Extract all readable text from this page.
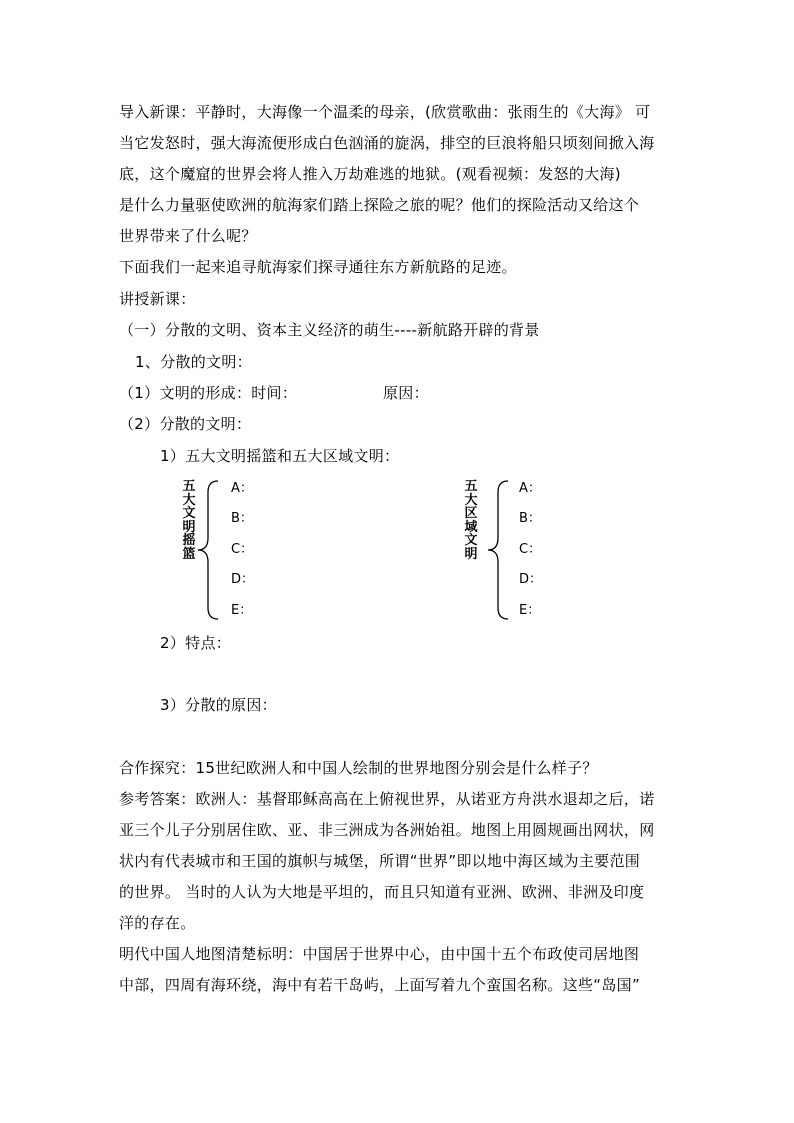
导入新课：平静时，大海像一个温柔的母亲，(欣赏歌曲：张雨生的《大海》 可
当它发怒时，强大海流便形成白色汹涌的旋涡，排空的巨浪将船只顷刻间掀入海
底，这个魔窟的世界会将人推入万劫难逃的地狱。(观看视频：发怒的大海)
是什么力量驱使欧洲的航海家们踏上探险之旅的呢？他们的探险活动又给这个
世界带来了什么呢？
下面我们一起来追寻航海家们探寻通往东方新航路的足迹。
讲授新课：
（一）分散的文明、资本主义经济的萌生----新航路开辟的背景
1、分散的文明：
（1）文明的形成：时间：	原因：
（2）分散的文明：
1）五大文明摇篮和五大区域文明：
五大文明摇篮
A：
B：
C：
D：
E：
五大区域文明
A：
B：
C：
D：
E：
2）特点：
3）分散的原因：
合作探究：15世纪欧洲人和中国人绘制的世界地图分别会是什么样子？
参考答案：欧洲人：基督耶稣高高在上俯视世界，从诺亚方舟洪水退却之后，诺
亚三个儿子分别居住欧、亚、非三洲成为各洲始祖。地图上用圆规画出网状，网
状内有代表城市和王国的旗帜与城堡，所谓“世界”即以地中海区域为主要范围
的世界。 当时的人认为大地是平坦的，而且只知道有亚洲、欧洲、非洲及印度
洋的存在。
明代中国人地图清楚标明：中国居于世界中心，由中国十五个布政使司居地图
中部，四周有海环绕，海中有若干岛屿，上面写着九个蛮国名称。这些“岛国”
